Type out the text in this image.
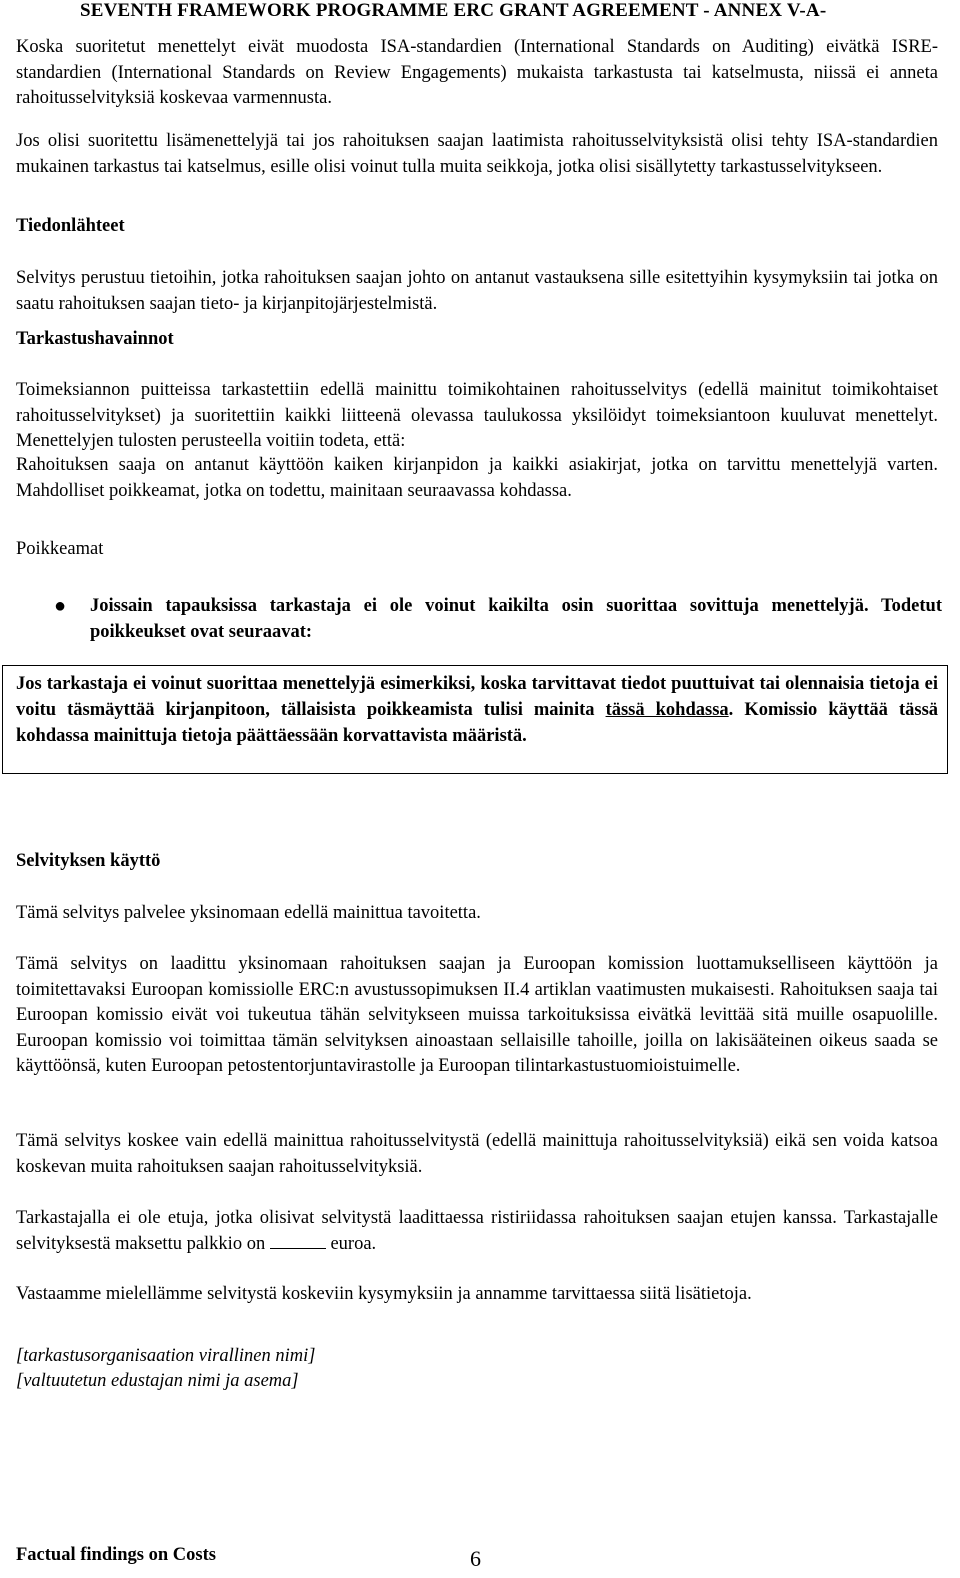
SEVENTH FRAMEWORK PROGRAMME ERC GRANT AGREEMENT - ANNEX V-A-

Koska suoritetut menettelyt eivät muodosta ISA-standardien (International Standards on Auditing) eivätkä ISRE-standardien (International Standards on Review Engagements) mukaista tarkastusta tai katselmusta, niissä ei anneta rahoitusselvityksiä koskevaa varmennusta.

Jos olisi suoritettu lisämenettelyjä tai jos rahoituksen saajan laatimista rahoitusselvityksistä olisi tehty ISA-standardien mukainen tarkastus tai katselmus, esille olisi voinut tulla muita seikkoja, jotka olisi sisällytetty tarkastusselvitykseen.

Tiedonlähteet

Selvitys perustuu tietoihin, jotka rahoituksen saajan johto on antanut vastauksena sille esitettyihin kysymyksiin tai jotka on saatu rahoituksen saajan tieto- ja kirjanpitojärjestelmistä.

Tarkastushavainnot

Toimeksiannon puitteissa tarkastettiin edellä mainittu toimikohtainen rahoitusselvitys (edellä mainitut toimikohtaiset rahoitusselvitykset) ja suoritettiin kaikki liitteenä olevassa taulukossa yksilöidyt toimeksiantoon kuuluvat menettelyt. Menettelyjen tulosten perusteella voitiin todeta, että:

Rahoituksen saaja on antanut käyttöön kaiken kirjanpidon ja kaikki asiakirjat, jotka on tarvittu menettelyjä varten. Mahdolliset poikkeamat, jotka on todettu, mainitaan seuraavassa kohdassa.

Poikkeamat
● Joissain tapauksissa tarkastaja ei ole voinut kaikilta osin suorittaa sovittuja menettelyjä. Todetut poikkeukset ovat seuraavat:
Jos tarkastaja ei voinut suorittaa menettelyjä esimerkiksi, koska tarvittavat tiedot puuttuivat tai olennaisia tietoja ei voitu täsmäyttää kirjanpitoon, tällaisista poikkeamista tulisi mainita tässä kohdassa. Komissio käyttää tässä kohdassa mainittuja tietoja päättäessään korvattavista määristä.
Selvityksen käyttö

Tämä selvitys palvelee yksinomaan edellä mainittua tavoitetta.

Tämä selvitys on laadittu yksinomaan rahoituksen saajan ja Euroopan komission luottamukselliseen käyttöön ja toimitettavaksi Euroopan komissiolle ERC:n avustussopimuksen II.4 artiklan vaatimusten mukaisesti. Rahoituksen saaja tai Euroopan komissio eivät voi tukeutua tähän selvitykseen muissa tarkoituksissa eivätkä levittää sitä muille osapuolille. Euroopan komissio voi toimittaa tämän selvityksen ainoastaan sellaisille tahoille, joilla on lakisääteinen oikeus saada se käyttöönsä, kuten Euroopan petostentorjuntavirastolle ja Euroopan tilintarkastustuomioistuimelle.

Tämä selvitys koskee vain edellä mainittua rahoitusselvitystä (edellä mainittuja rahoitusselvityksiä) eikä sen voida katsoa koskevan muita rahoituksen saajan rahoitusselvityksiä.

Tarkastajalla ei ole etuja, jotka olisivat selvitystä laadittaessa ristiriidassa rahoituksen saajan etujen kanssa. Tarkastajalle selvityksestä maksettu palkkio on	euroa.

Vastaamme mielellämme selvitystä koskeviin kysymyksiin ja annamme tarvittaessa siitä lisätietoja.

[tarkastusorganisaation virallinen nimi]
[valtuutetun edustajan nimi ja asema]
Factual findings on Costs	6
